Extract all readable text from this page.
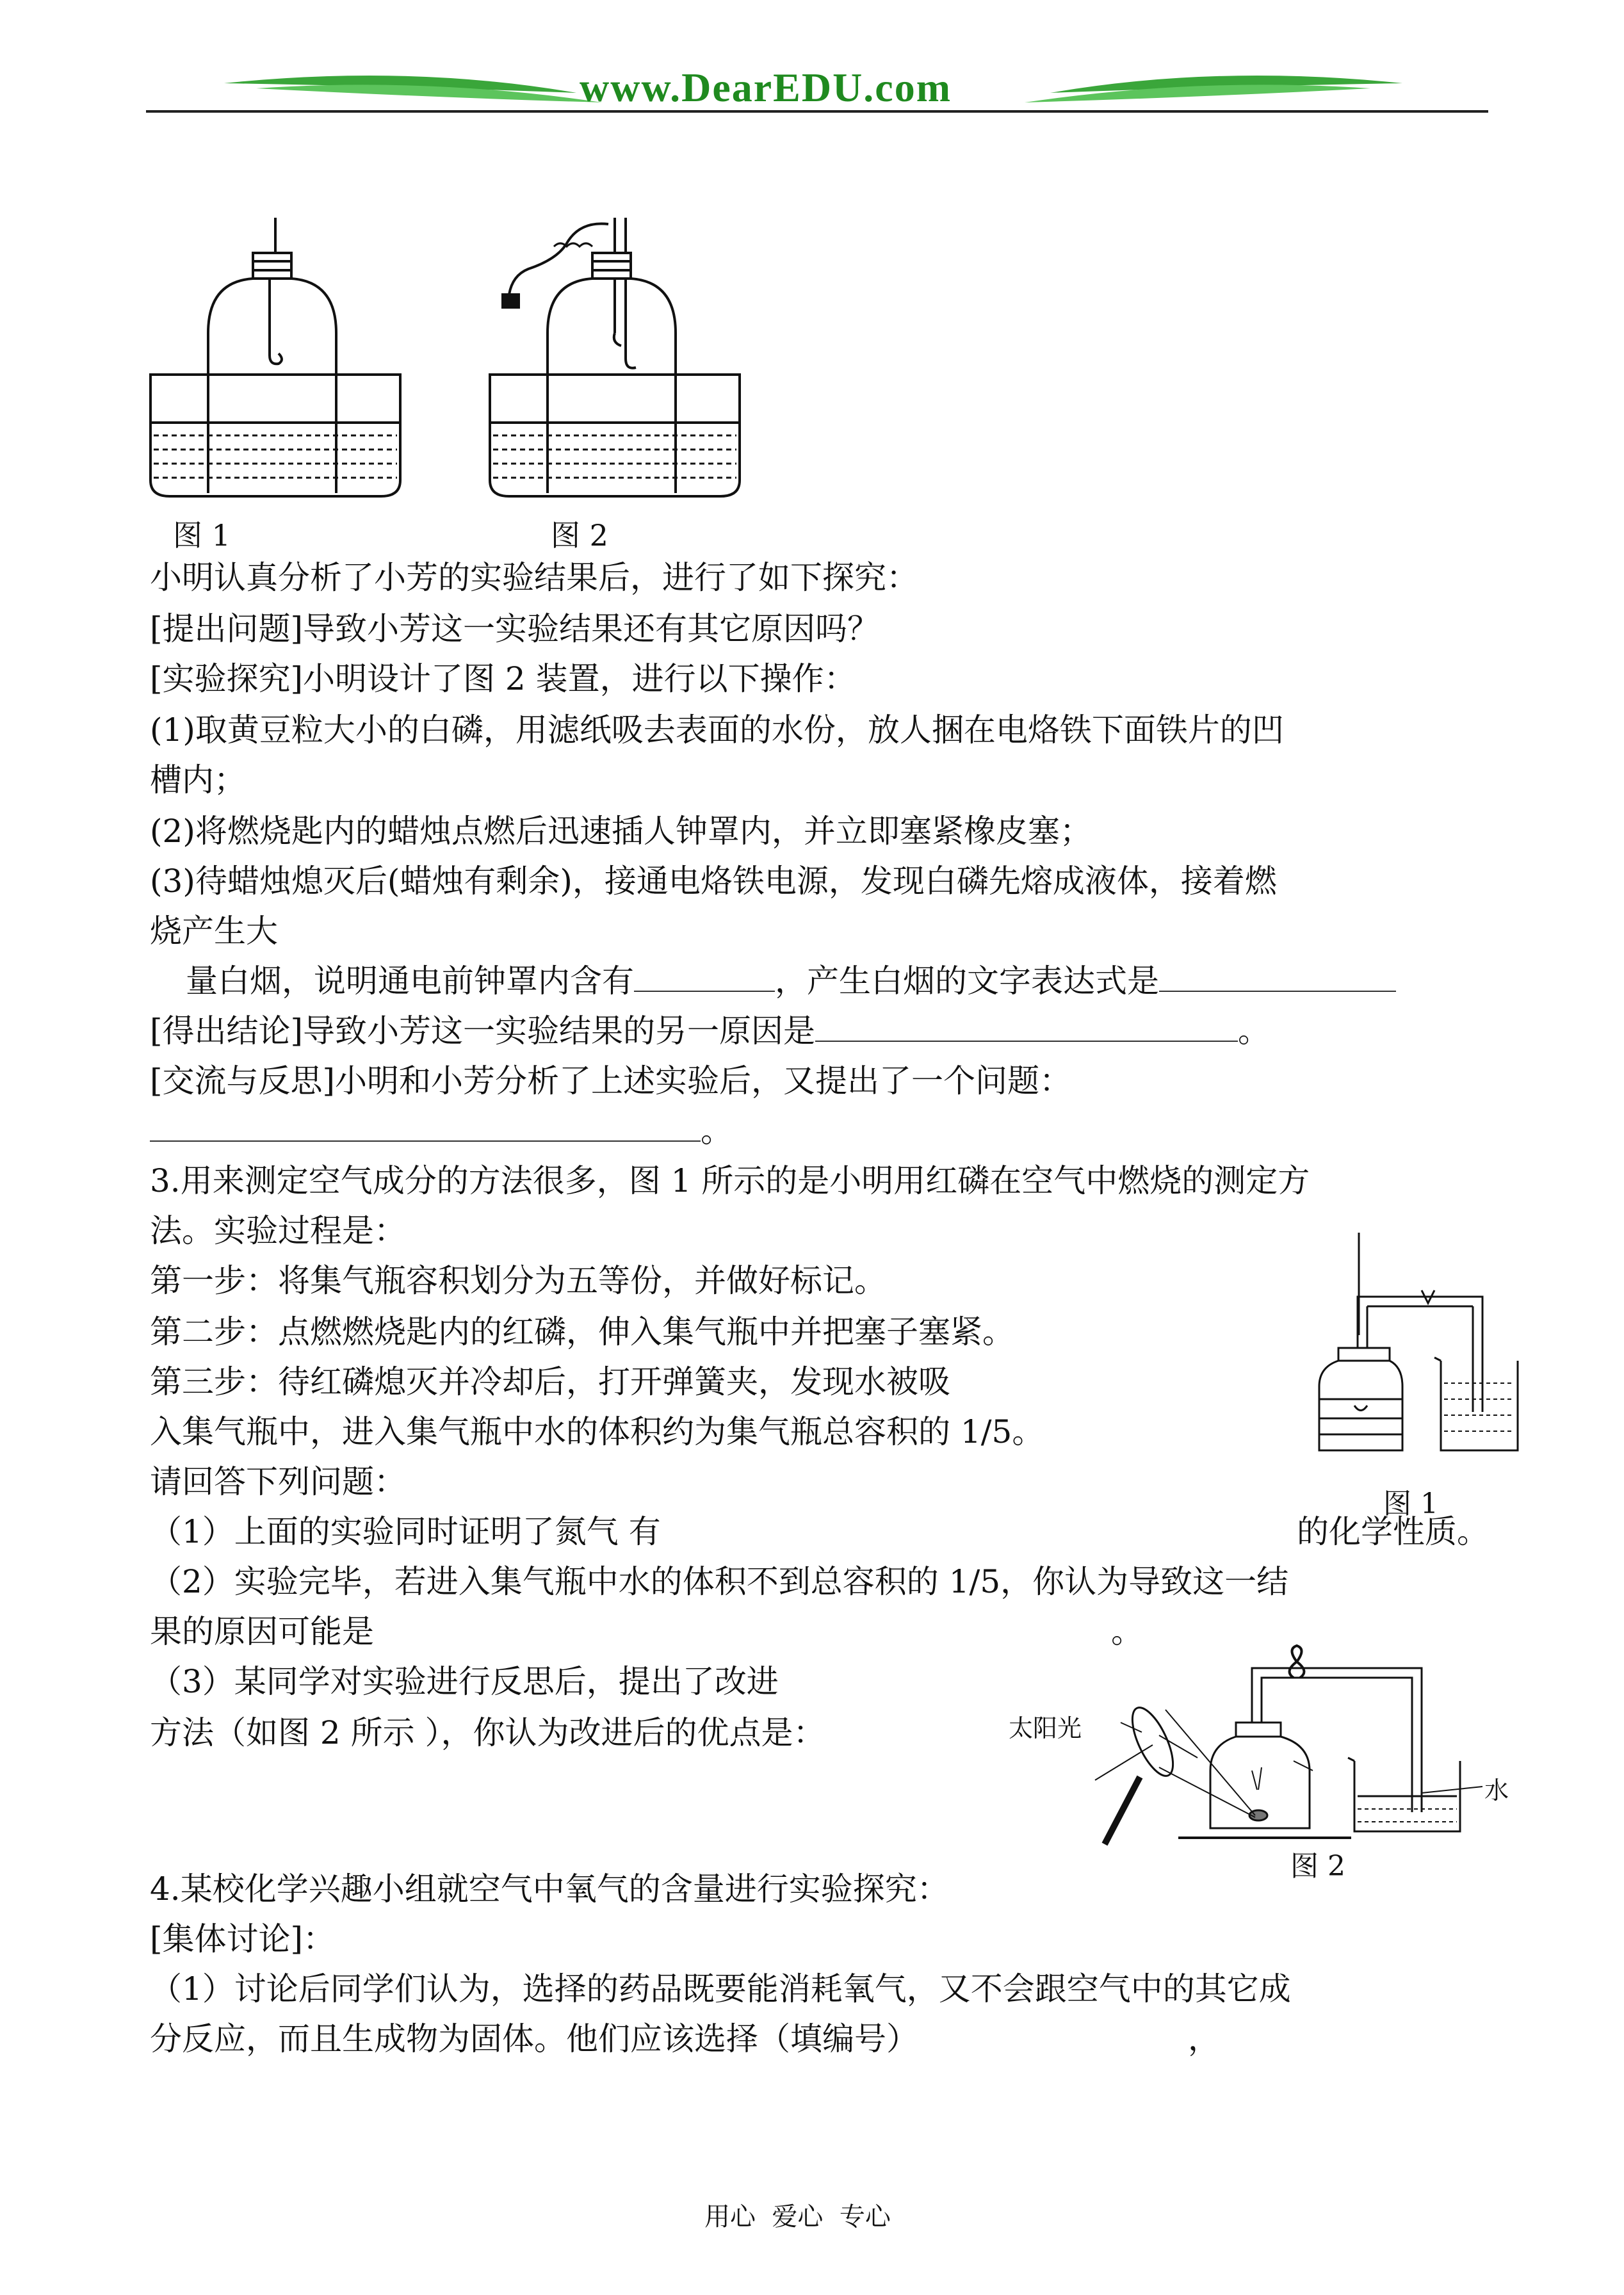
www.DearEDU.com
图 1	图 2
小明认真分析了小芳的实验结果后，进行了如下探究：
[提出问题]导致小芳这一实验结果还有其它原因吗？
[实验探究]小明设计了图 2 装置，进行以下操作：
(1)取黄豆粒大小的白磷，用滤纸吸去表面的水份，放人捆在电烙铁下面铁片的凹
槽内；
(2)将燃烧匙内的蜡烛点燃后迅速插人钟罩内，并立即塞紧橡皮塞；
(3)待蜡烛熄灭后(蜡烛有剩余)，接通电烙铁电源，发现白磷先熔成液体，接着燃
烧产生大
量白烟，说明通电前钟罩内含有	，产生白烟的文字表达式是
[得出结论]导致小芳这一实验结果的另一原因是	。
[交流与反思]小明和小芳分析了上述实验后，又提出了一个问题：
。
3.用来测定空气成分的方法很多，图 1 所示的是小明用红磷在空气中燃烧的测定方
法。实验过程是：
第一步：将集气瓶容积划分为五等份，并做好标记。
第二步：点燃燃烧匙内的红磷，伸入集气瓶中并把塞子塞紧。
第三步：待红磷熄灭并冷却后，打开弹簧夹，发现水被吸
入集气瓶中，进入集气瓶中水的体积约为集气瓶总容积的 1/5。
请回答下列问题：
图 1
（1）上面的实验同时证明了氮气 有	的化学性质。
（2）实验完毕，若进入集气瓶中水的体积不到总容积的 1/5，你认为导致这一结
果的原因可能是	。
（3）某同学对实验进行反思后，提出了改进
方法（如图 2 所示 ），你认为改进后的优点是：	太阳光
水
图 2
4.某校化学兴趣小组就空气中氧气的含量进行实验探究：
[集体讨论]：
（1）讨论后同学们认为，选择的药品既要能消耗氧气，又不会跟空气中的其它成
分反应，而且生成物为固体。他们应该选择（填编号）	，
用心  爱心  专心
